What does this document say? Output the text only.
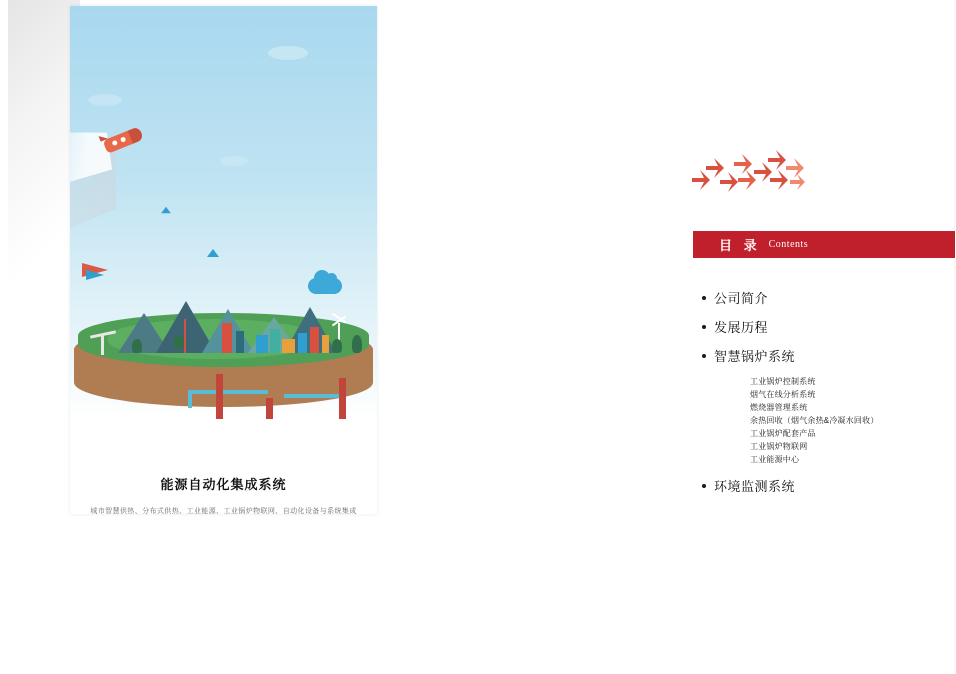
能源自动化集成系统
城市智慧供热、分布式供热、工业能源、工业锅炉物联网、自动化设备与系统集成
目 录 Contents
公司简介
发展历程
智慧锅炉系统
工业锅炉控制系统
烟气在线分析系统
燃烧器管理系统
余热回收（烟气余热&冷凝水回收）
工业锅炉配套产品
工业锅炉物联网
工业能源中心
环境监测系统
